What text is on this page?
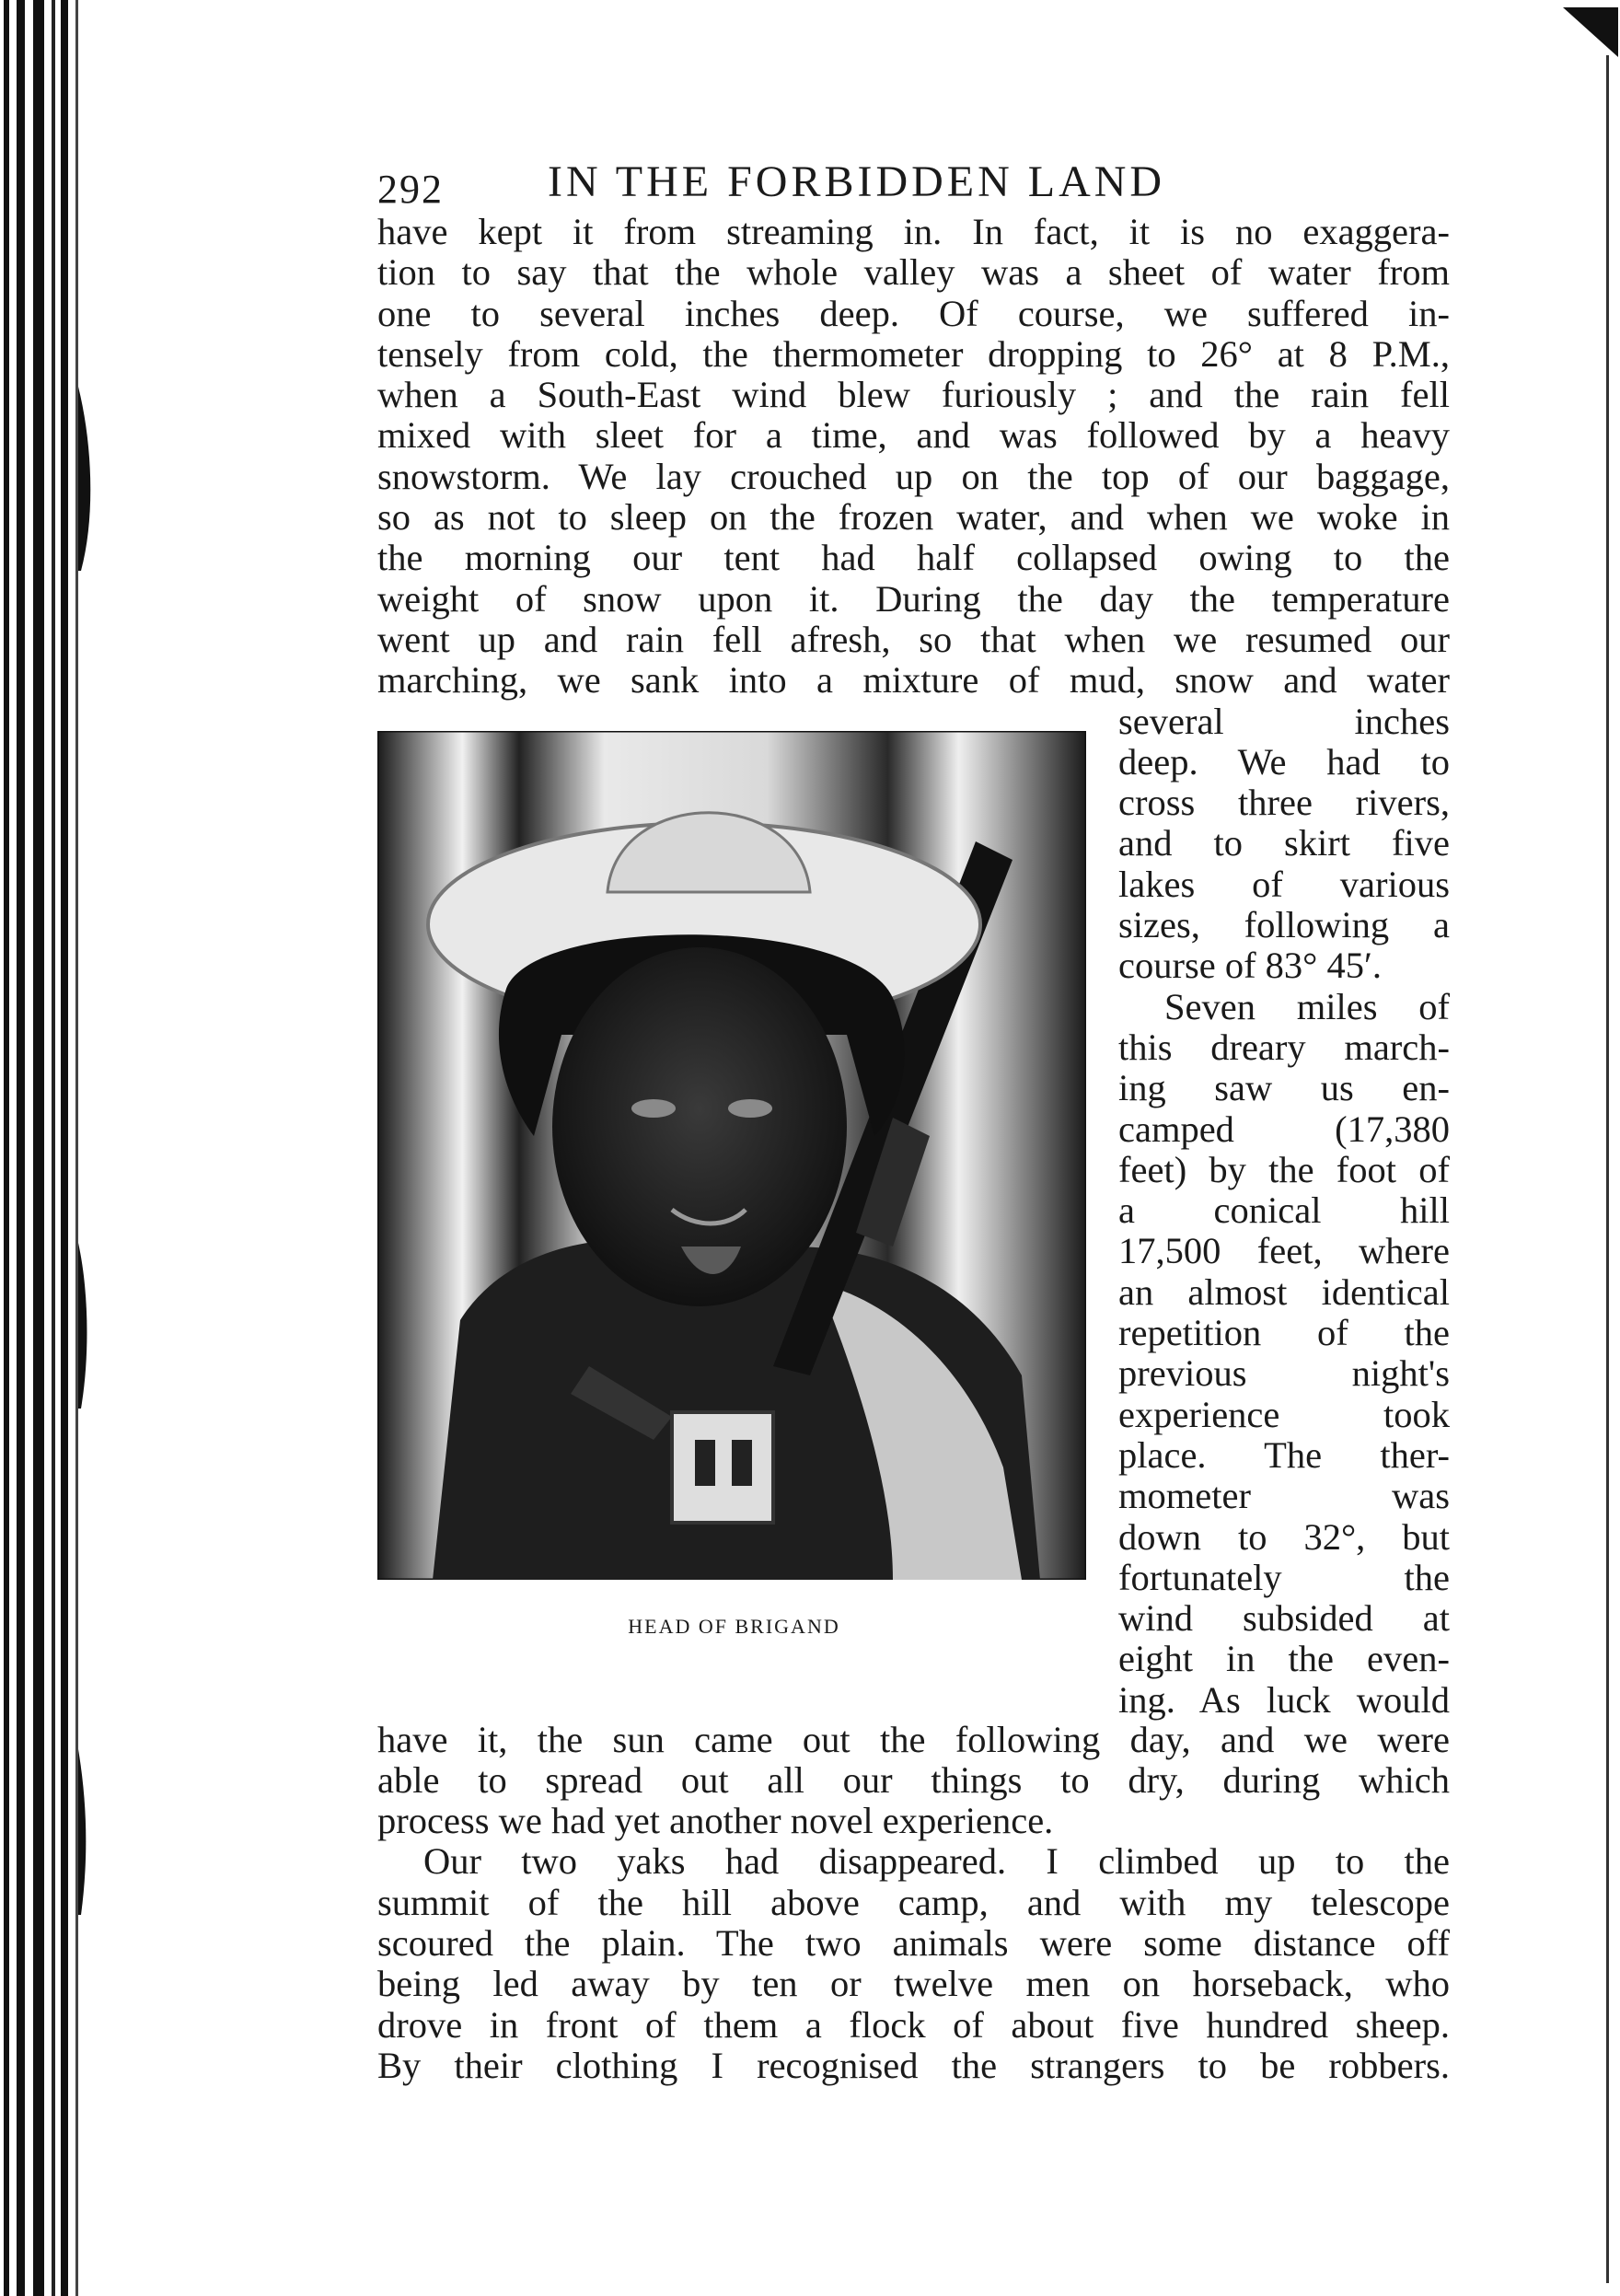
292 IN THE FORBIDDEN LAND
have kept it from streaming in. In fact, it is no exaggera-
tion to say that the whole valley was a sheet of water from
one to several inches deep. Of course, we suffered in-
tensely from cold, the thermometer dropping to 26° at 8 P.M.,
when a South-East wind blew furiously ; and the rain fell
mixed with sleet for a time, and was followed by a heavy
snowstorm. We lay crouched up on the top of our baggage,
so as not to sleep on the frozen water, and when we woke in
the morning our tent had half collapsed owing to the
weight of snow upon it. During the day the temperature
went up and rain fell afresh, so that when we resumed our
marching, we sank into a mixture of mud, snow and water
HEAD OF BRIGAND
several inches
deep. We had to
cross three rivers,
and to skirt five
lakes of various
sizes, following a
course of 83° 45′.
Seven miles of
this dreary march-
ing saw us en-
camped (17,380
feet) by the foot of
a conical hill
17,500 feet, where
an almost identical
repetition of the
previous night's
experience took
place. The ther-
mometer was
down to 32°, but
fortunately the
wind subsided at
eight in the even-
ing. As luck would
have it, the sun came out the following day, and we were
able to spread out all our things to dry, during which
process we had yet another novel experience.
Our two yaks had disappeared. I climbed up to the
summit of the hill above camp, and with my telescope
scoured the plain. The two animals were some distance off
being led away by ten or twelve men on horseback, who
drove in front of them a flock of about five hundred sheep.
By their clothing I recognised the strangers to be robbers.
